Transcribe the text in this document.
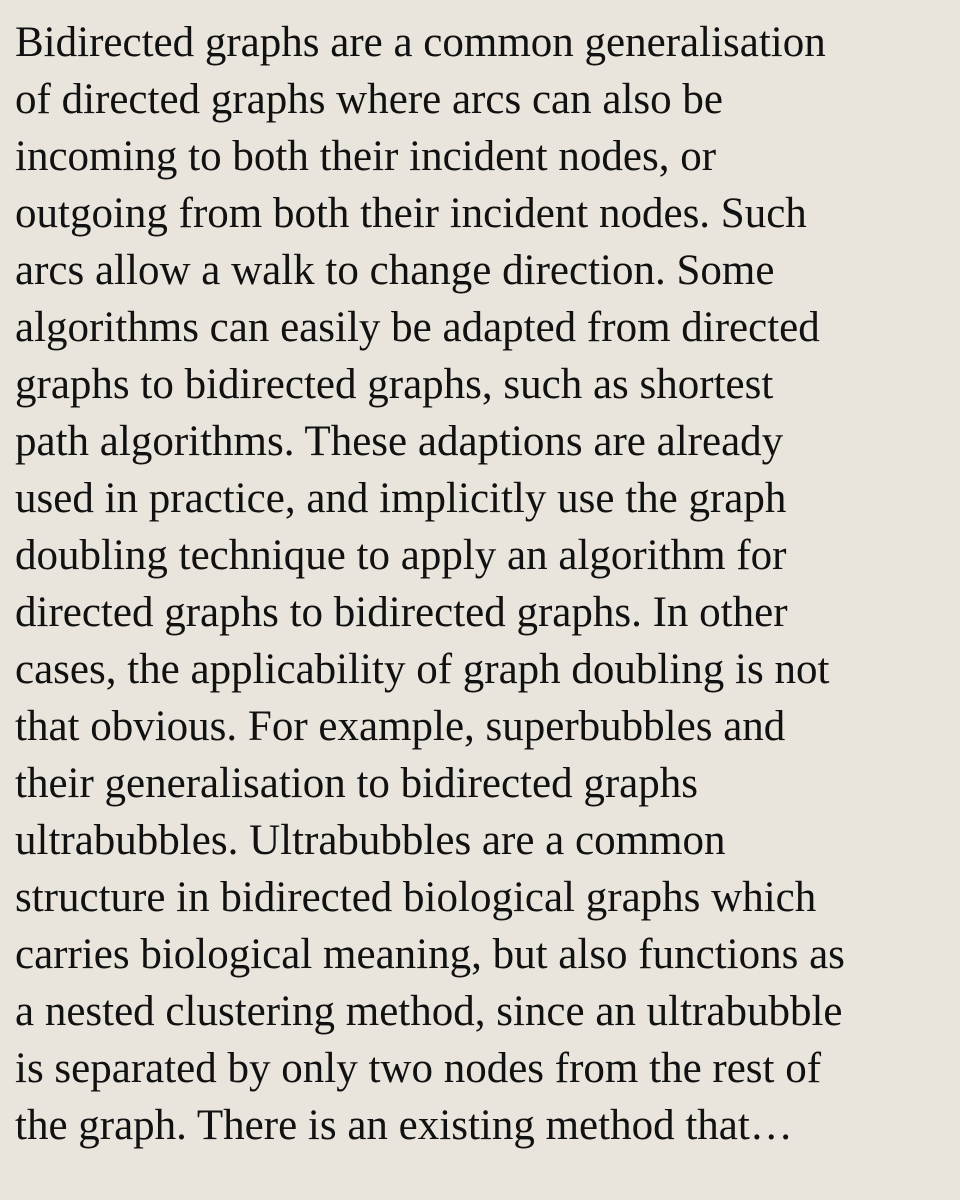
Bidirected graphs are a common generalisation
of directed graphs where arcs can also be
incoming to both their incident nodes, or
outgoing from both their incident nodes. Such
arcs allow a walk to change direction. Some
algorithms can easily be adapted from directed
graphs to bidirected graphs, such as shortest
path algorithms. These adaptions are already
used in practice, and implicitly use the graph
doubling technique to apply an algorithm for
directed graphs to bidirected graphs. In other
cases, the applicability of graph doubling is not
that obvious. For example, superbubbles and
their generalisation to bidirected graphs
ultrabubbles. Ultrabubbles are a common
structure in bidirected biological graphs which
carries biological meaning, but also functions as
a nested clustering method, since an ultrabubble
is separated by only two nodes from the rest of
the graph. There is an existing method that…
